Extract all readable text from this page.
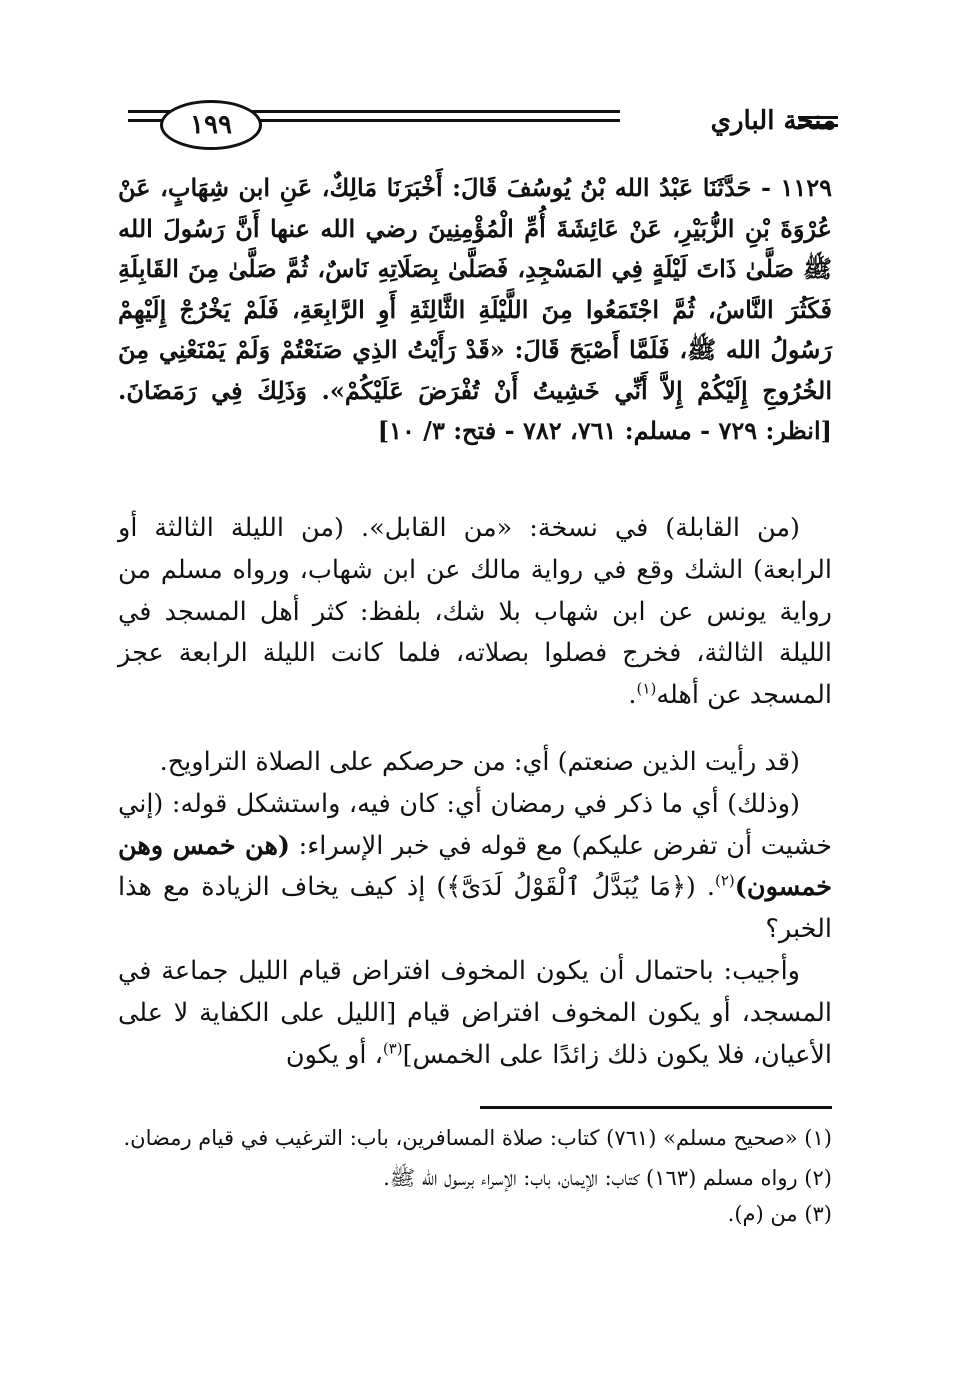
منحة الباري
١٩٩

١١٢٩ - حَدَّثَنَا عَبْدُ الله بْنُ يُوسُفَ قَالَ: أَخْبَرَنَا مَالِكٌ، عَنِ ابن شِهَابٍ، عَنْ عُرْوَةَ بْنِ الزُّبَيْرِ، عَنْ عَائِشَةَ أُمِّ الْمُؤْمِنِينَ رضي الله عنها أَنَّ رَسُولَ الله ﷺ صَلَّىٰ ذَاتَ لَيْلَةٍ فِي المَسْجِدِ، فَصَلَّىٰ بِصَلَاتِهِ نَاسٌ، ثُمَّ صَلَّىٰ مِنَ القَابِلَةِ فَكَثُرَ النَّاسُ، ثُمَّ اجْتَمَعُوا مِنَ اللَّيْلَةِ الثَّالِثَةِ أَوِ الرَّابِعَةِ، فَلَمْ يَخْرُجْ إِلَيْهِمْ رَسُولُ الله ﷺ، فَلَمَّا أَصْبَحَ قَالَ: «قَدْ رَأَيْتُ الذِي صَنَعْتُمْ وَلَمْ يَمْنَعْنِي مِنَ الخُرُوجِ إِلَيْكُمْ إِلاَّ أَنِّي خَشِيتُ أَنْ تُفْرَضَ عَلَيْكُمْ». وَذَلِكَ فِي رَمَضَانَ. [انظر: ٧٢٩ - مسلم: ٧٦١، ٧٨٢ - فتح: ٣/ ١٠]

(من القابلة) في نسخة: «من القابل». (من الليلة الثالثة أو الرابعة) الشك وقع في رواية مالك عن ابن شهاب، ورواه مسلم من رواية يونس عن ابن شهاب بلا شك، بلفظ: كثر أهل المسجد في الليلة الثالثة، فخرج فصلوا بصلاته، فلما كانت الليلة الرابعة عجز المسجد عن أهله$^{(١)}$.

(قد رأيت الذين صنعتم) أي: من حرصكم على الصلاة التراويح.

(وذلك) أي ما ذكر في رمضان أي: كان فيه، واستشكل قوله: (إني خشيت أن تفرض عليكم) مع قوله في خبر الإسراء: (هن خمس وهن خمسون)$^{(٢)}$. (﴿مَا يُبَدَّلُ ٱلْقَوْلُ لَدَىَّ﴾) إذ كيف يخاف الزيادة مع هذا الخبر؟

وأجيب: باحتمال أن يكون المخوف افتراض قيام الليل جماعة في المسجد، أو يكون المخوف افتراض قيام [الليل على الكفاية لا على الأعيان، فلا يكون ذلك زائدًا على الخمس]$^{(٣)}$، أو يكون

(١) «صحيح مسلم» (٧٦١) كتاب: صلاة المسافرين، باب: الترغيب في قيام رمضان.

(٢) رواه مسلم (١٦٣) كتاب: الإيمان، باب: الإسراء برسول الله ﷺ.

(٣) من (م).
